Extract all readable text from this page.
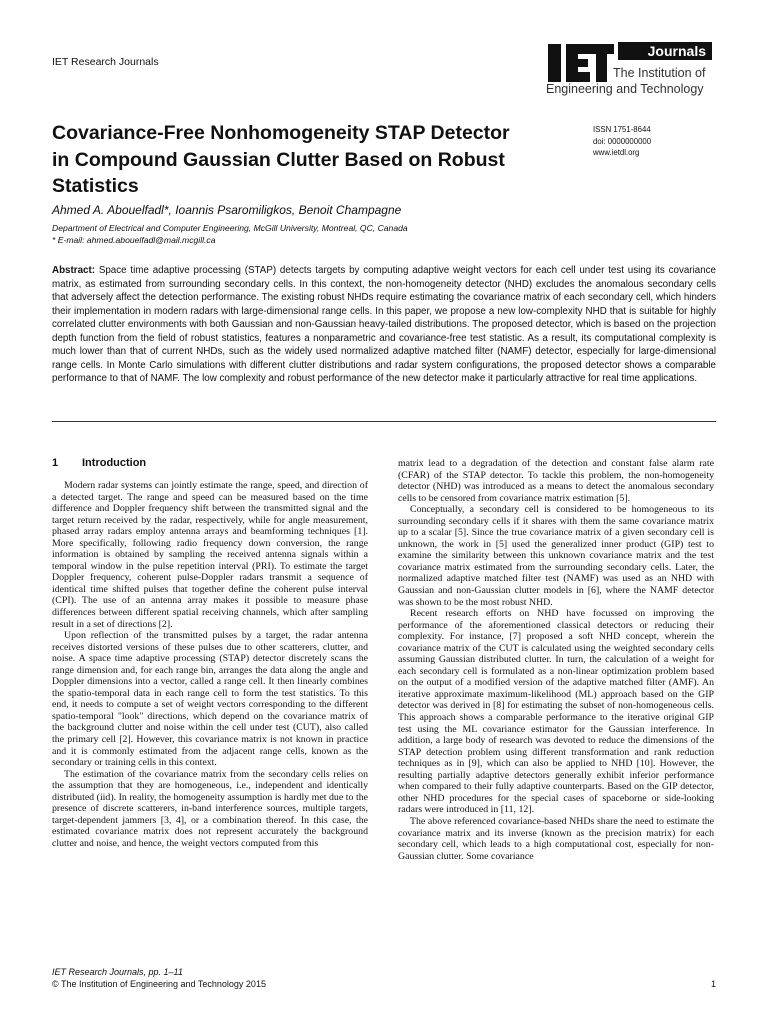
IET Research Journals
Journals
The Institution of
Engineering and Technology
Covariance-Free Nonhomogeneity STAP Detector in Compound Gaussian Clutter Based on Robust Statistics
ISSN 1751-8644
doi: 0000000000
www.ietdl.org
Ahmed A. Abouelfadl*, Ioannis Psaromiligkos, Benoit Champagne
Department of Electrical and Computer Engineering, McGill University, Montreal, QC, Canada
* E-mail: ahmed.abouelfadl@mail.mcgill.ca
Abstract: Space time adaptive processing (STAP) detects targets by computing adaptive weight vectors for each cell under test using its covariance matrix, as estimated from surrounding secondary cells. In this context, the non-homogeneity detector (NHD) excludes the anomalous secondary cells that adversely affect the detection performance. The existing robust NHDs require estimating the covariance matrix of each secondary cell, which hinders their implementation in modern radars with large-dimensional range cells. In this paper, we propose a new low-complexity NHD that is suitable for highly correlated clutter environments with both Gaussian and non-Gaussian heavy-tailed distributions. The proposed detector, which is based on the projection depth function from the field of robust statistics, features a nonparametric and covariance-free test statistic. As a result, its computational complexity is much lower than that of current NHDs, such as the widely used normalized adaptive matched filter (NAMF) detector, especially for large-dimensional range cells. In Monte Carlo simulations with different clutter distributions and radar system configurations, the proposed detector shows a comparable performance to that of NAMF. The low complexity and robust performance of the new detector make it particularly attractive for real time applications.
1 Introduction

Modern radar systems can jointly estimate the range, speed, and direction of a detected target. The range and speed can be measured based on the time difference and Doppler frequency shift between the transmitted signal and the target return received by the radar, respectively, while for angle measurement, phased array radars employ antenna arrays and beamforming techniques [1]. More specifically, following radio frequency down conversion, the range information is obtained by sampling the received antenna signals within a temporal window in the pulse repetition interval (PRI). To estimate the target Doppler frequency, coherent pulse-Doppler radars transmit a sequence of identical time shifted pulses that together define the coherent pulse interval (CPI). The use of an antenna array makes it possible to measure phase differences between different spatial receiving channels, which after sampling result in a set of directions [2].

Upon reflection of the transmitted pulses by a target, the radar antenna receives distorted versions of these pulses due to other scatterers, clutter, and noise. A space time adaptive processing (STAP) detector discretely scans the range dimension and, for each range bin, arranges the data along the angle and Doppler dimensions into a vector, called a range cell. It then linearly combines the spatio-temporal data in each range cell to form the test statistics. To this end, it needs to compute a set of weight vectors corresponding to the different spatio-temporal "look" directions, which depend on the covariance matrix of the background clutter and noise within the cell under test (CUT), also called the primary cell [2]. However, this covariance matrix is not known in practice and it is commonly estimated from the adjacent range cells, known as the secondary or training cells in this context.

The estimation of the covariance matrix from the secondary cells relies on the assumption that they are homogeneous, i.e., independent and identically distributed (iid). In reality, the homogeneity assumption is hardly met due to the presence of discrete scatterers, in-band interference sources, multiple targets, target-dependent jammers [3, 4], or a combination thereof. In this case, the estimated covariance matrix does not represent accurately the background clutter and noise, and hence, the weight vectors computed from this

matrix lead to a degradation of the detection and constant false alarm rate (CFAR) of the STAP detector. To tackle this problem, the non-homogeneity detector (NHD) was introduced as a means to detect the anomalous secondary cells to be censored from covariance matrix estimation [5].

Conceptually, a secondary cell is considered to be homogeneous to its surrounding secondary cells if it shares with them the same covariance matrix up to a scalar [5]. Since the true covariance matrix of a given secondary cell is unknown, the work in [5] used the generalized inner product (GIP) test to examine the similarity between this unknown covariance matrix and the test covariance matrix estimated from the surrounding secondary cells. Later, the normalized adaptive matched filter test (NAMF) was used as an NHD with Gaussian and non-Gaussian clutter models in [6], where the NAMF detector was shown to be the most robust NHD.

Recent research efforts on NHD have focussed on improving the performance of the aforementioned classical detectors or reducing their complexity. For instance, [7] proposed a soft NHD concept, wherein the covariance matrix of the CUT is calculated using the weighted secondary cells assuming Gaussian distributed clutter. In turn, the calculation of a weight for each secondary cell is formulated as a non-linear optimization problem based on the output of a modified version of the adaptive matched filter (AMF). An iterative approximate maximum-likelihood (ML) approach based on the GIP detector was derived in [8] for estimating the subset of non-homogeneous cells. This approach shows a comparable performance to the iterative original GIP test using the ML covariance estimator for the Gaussian interference. In addition, a large body of research was devoted to reduce the dimensions of the STAP detection problem using different transformation and rank reduction techniques as in [9], which can also be applied to NHD [10]. However, the resulting partially adaptive detectors generally exhibit inferior performance when compared to their fully adaptive counterparts. Based on the GIP detector, other NHD procedures for the special cases of spaceborne or side-looking radars were introduced in [11, 12].

The above referenced covariance-based NHDs share the need to estimate the covariance matrix and its inverse (known as the precision matrix) for each secondary cell, which leads to a high computational cost, especially for non-Gaussian clutter. Some covariance

IET Research Journals, pp. 1–11
© The Institution of Engineering and Technology 2015	1
